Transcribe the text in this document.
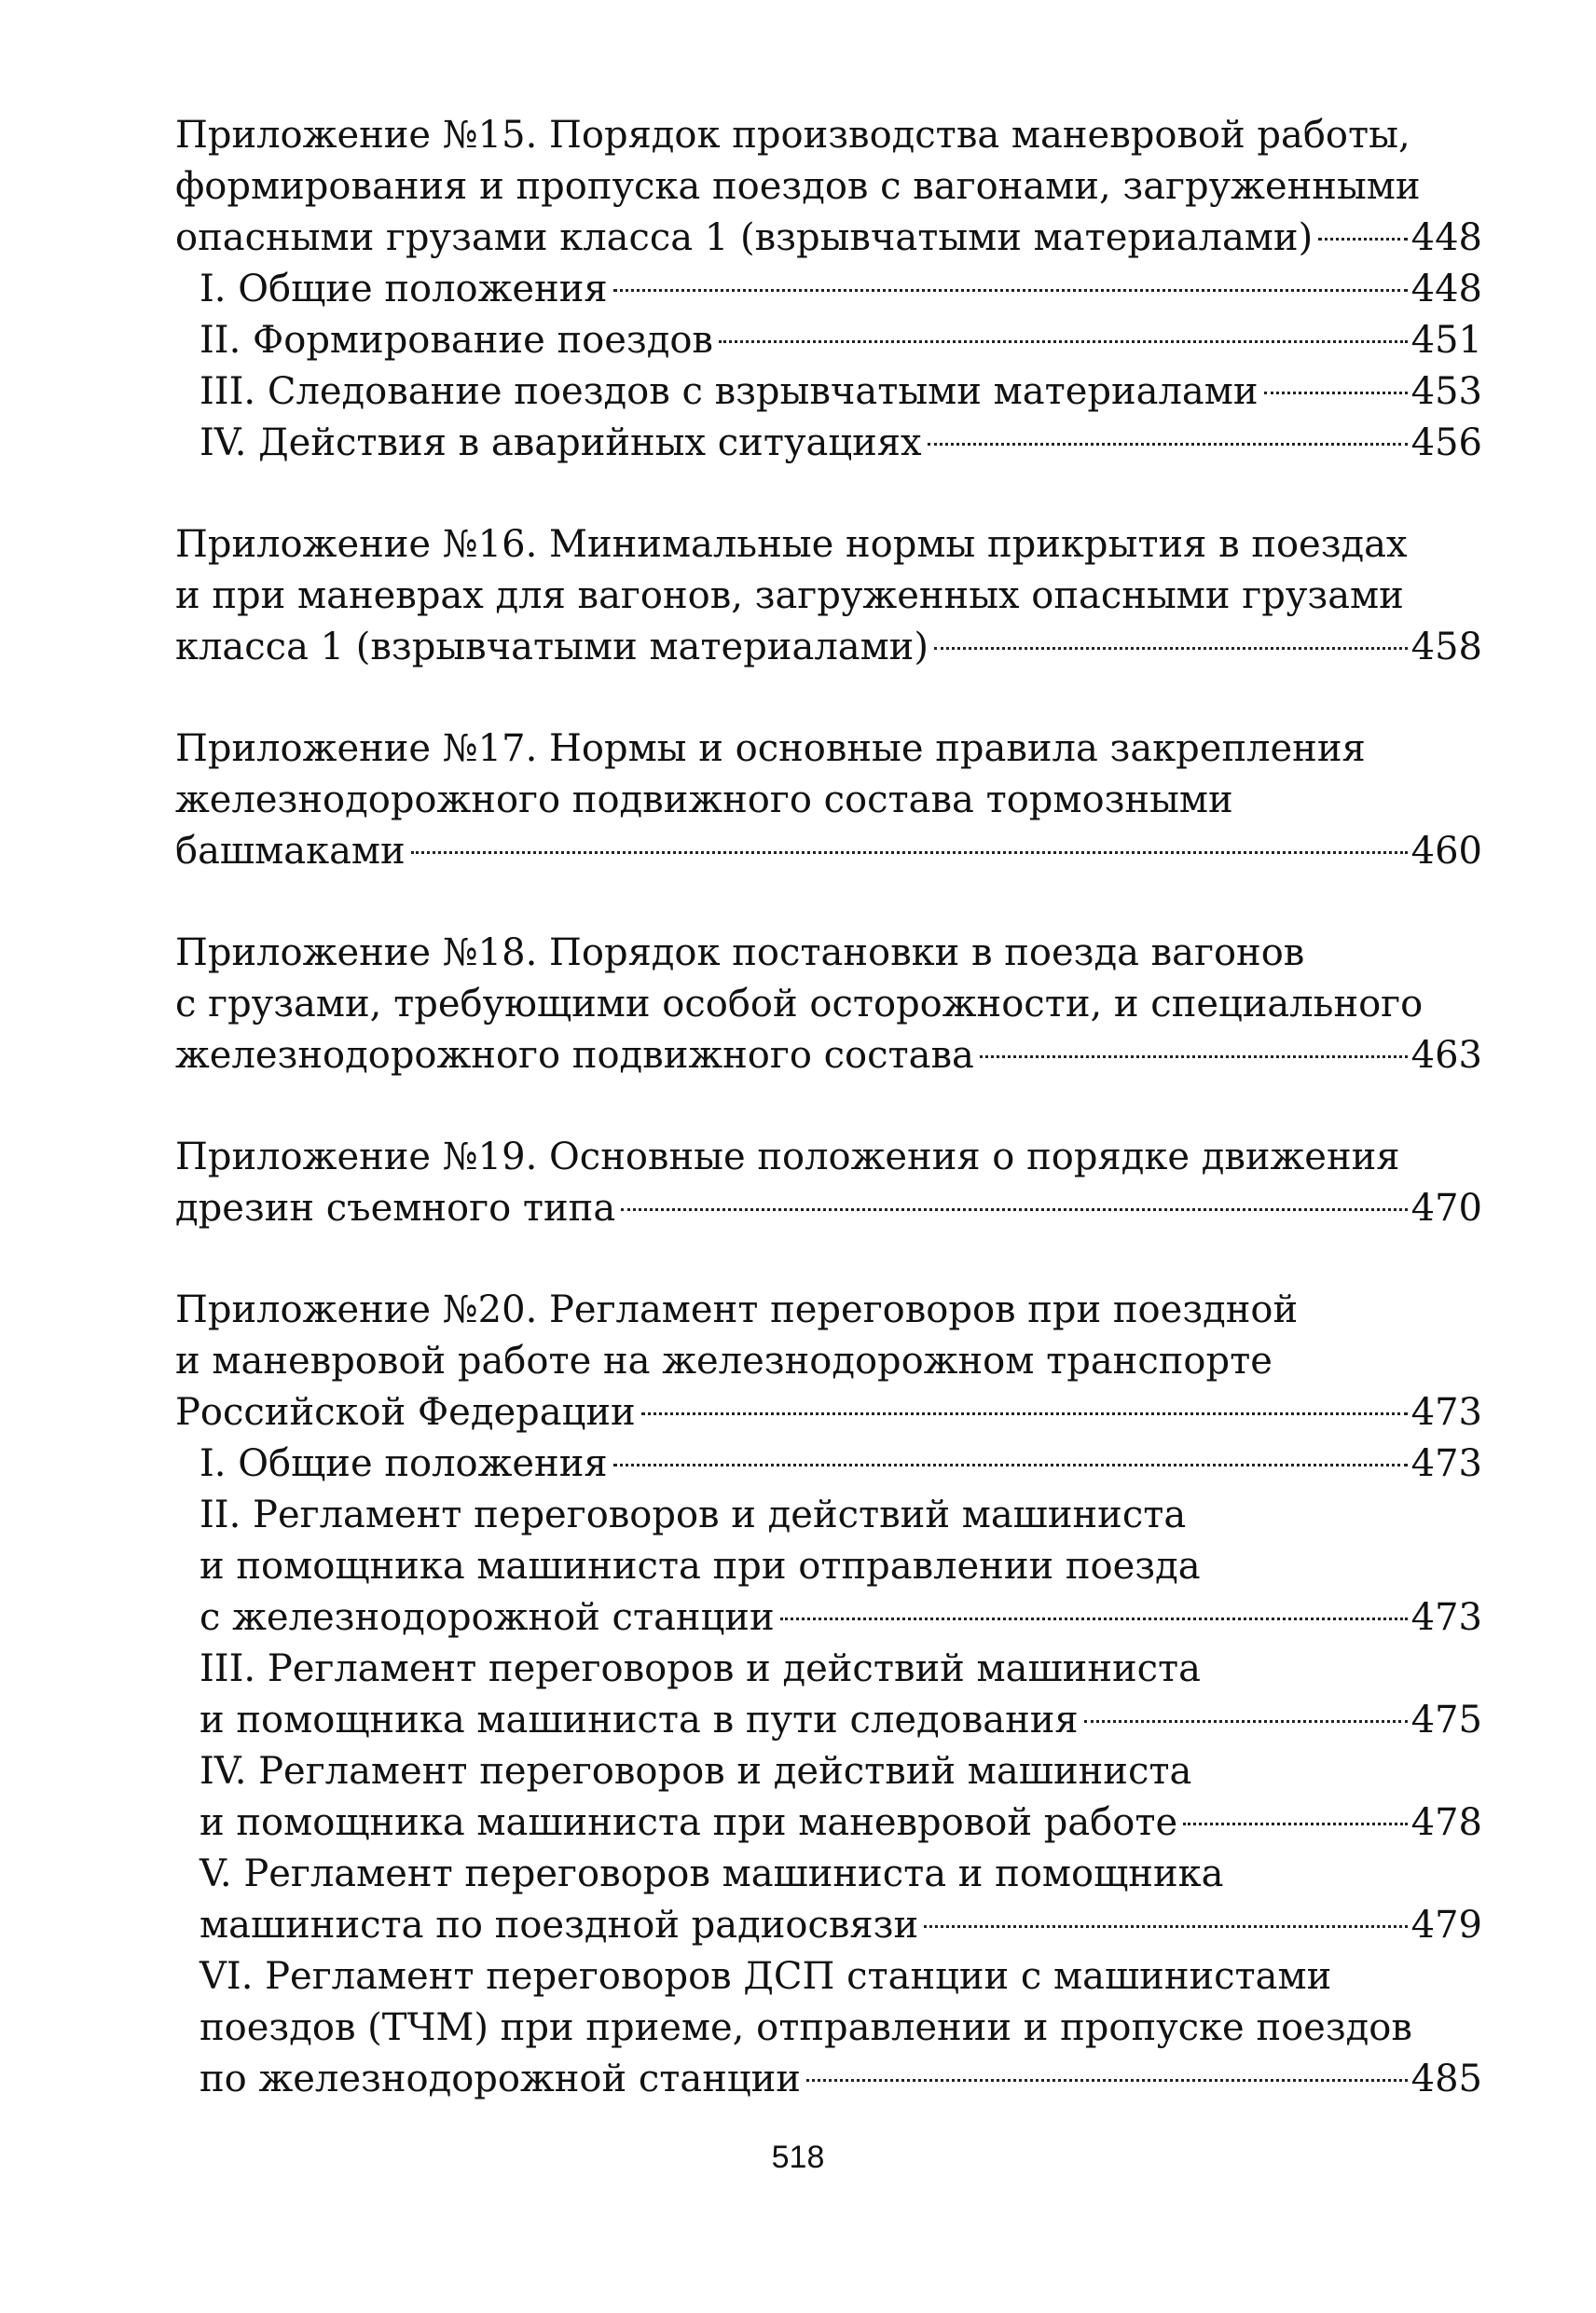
Приложение №15. Порядок производства маневровой работы,
формирования и пропуска поездов с вагонами, загруженными
опасными грузами класса 1 (взрывчатыми материалами)	448
I. Общие положения	448
II. Формирование поездов	451
III. Следование поездов с взрывчатыми материалами	453
IV. Действия в аварийных ситуациях	456
Приложение №16. Минимальные нормы прикрытия в поездах
и при маневрах для вагонов, загруженных опасными грузами
класса 1 (взрывчатыми материалами)	458
Приложение №17. Нормы и основные правила закрепления
железнодорожного подвижного состава тормозными
башмаками	460
Приложение №18. Порядок постановки в поезда вагонов
с грузами, требующими особой осторожности, и специального
железнодорожного подвижного состава	463
Приложение №19. Основные положения о порядке движения
дрезин съемного типа	470
Приложение №20. Регламент переговоров при поездной
и маневровой работе на железнодорожном транспорте
Российской Федерации	473
I. Общие положения	473
II. Регламент переговоров и действий машиниста
и помощника машиниста при отправлении поезда
с железнодорожной станции	473
III. Регламент переговоров и действий машиниста
и помощника машиниста в пути следования	475
IV. Регламент переговоров и действий машиниста
и помощника машиниста при маневровой работе	478
V. Регламент переговоров машиниста и помощника
машиниста по поездной радиосвязи	479
VI. Регламент переговоров ДСП станции с машинистами
поездов (ТЧМ) при приеме, отправлении и пропуске поездов
по железнодорожной станции	485
518
